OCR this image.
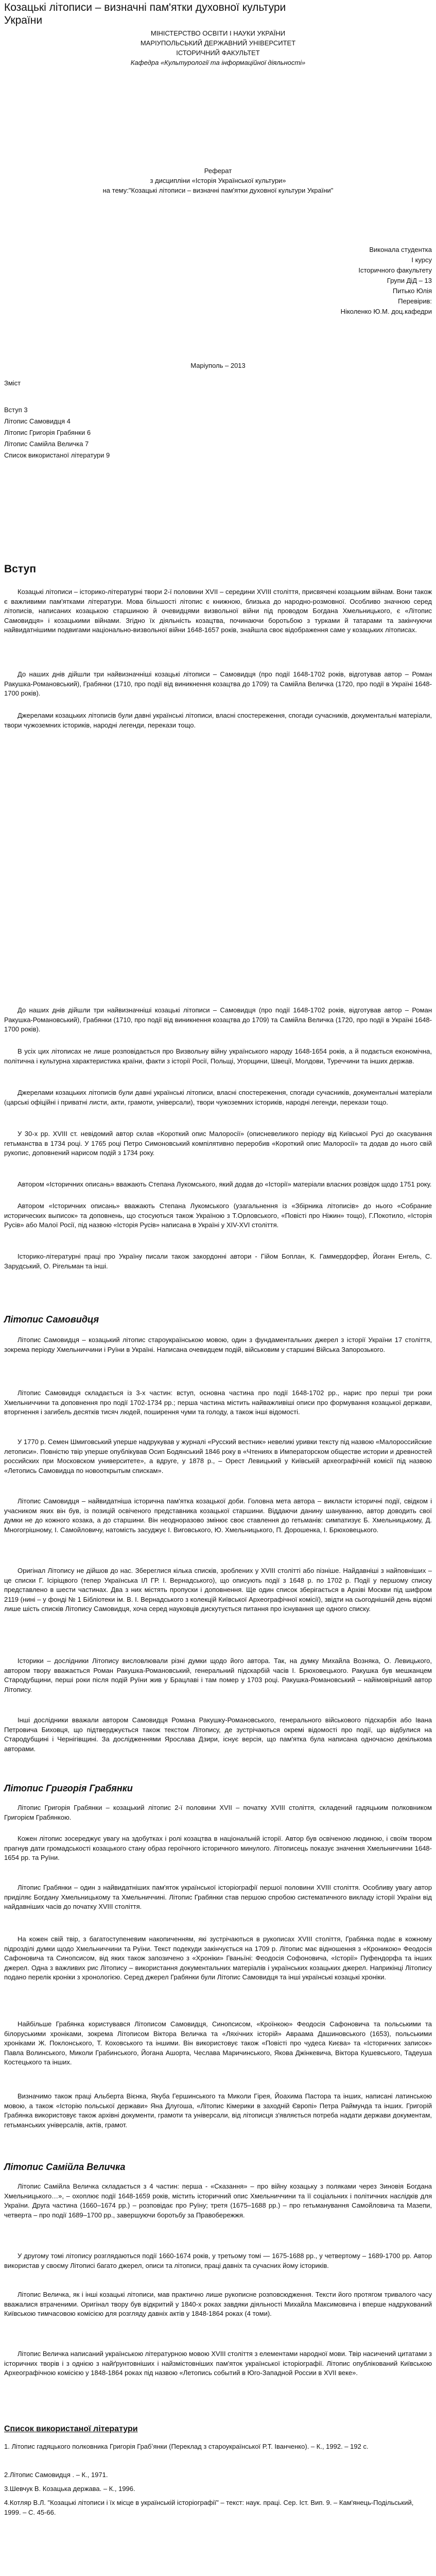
Козацькі літописи – визначні пам'ятки духовної культури України
МІНІСТЕРСТВО ОСВІТИ І НАУКИ УКРАЇНИ
МАРІУПОЛЬСЬКИЙ ДЕРЖАВНИЙ УНІВЕРСИТЕТ
ІСТОРИЧНИЙ ФАКУЛЬТЕТ
Кафедра «Культурології та інформаційної діяльності»
Реферат
з дисципліни «Історія Української культури»
на тему:"Козацькі літописи – визначні пам'ятки духовної культури України"
Виконала студентка
I курсу
Історичного факультету
Групи ДіД – 13
Питько Юлія
Перевірив:
Ніколенко Ю.М. доц.кафедри
Маріуполь – 2013
Зміст
Вступ 3
Літопис Самовидця 4
Літопис Григорія Грабянки 6
Літопис Самійла Величка 7
Список використаної літератури 9
Вступ

Козацькі літописи – історико-літературні твори 2-ї половини XVII – середини XVIII століття, присвячені козацьким війнам. Вони також є важливими пам'ятками літератури. Мова більшості літопис є книжною, близька до народно-розмовної. Особливо значною серед літописів, написаних козацькою старшиною й очевидцями визвольної війни під проводом Богдана Хмельницького, є «Літопис Самовидця» і козацькими війнами. Згідно їх діяльність козацтва, починаючи боротьбою з турками й татарами та закінчуючи найвидатнішими подвигами національно-визвольної війни 1648-1657 років, знайшла своє відображення саме у козацьких літописах.

До наших днів дійшли три найвизначніші козацькі літописи – Самовидця (про події 1648-1702 років, відготував автор – Роман Ракушка-Романовський), Грабянки (1710, про події від виникнення козацтва до 1709) та Самійла Величка (1720, про події в Україні 1648-1700 років).

Джерелами козацьких літописів були давні українські літописи, власні спостереження, спогади сучасників, документальні матеріали, твори чужоземних істориків, народні легенди, перекази тощо.

До наших днів дійшли три найвизначніші козацькі літописи – Самовидця (про події 1648-1702 років, відготував автор – Роман Ракушка-Романовський), Грабянки (1710, про події від виникнення козацтва до 1709) та Самійла Величка (1720, про події в Україні 1648-1700 років).

В усіх цих літописах не лише розповідається про Визвольну війну українського народу 1648-1654 років, а й подається економічна, політична і культурна характеристика країни, факти з історії Росії, Польщі, Угорщини, Швеції, Молдови, Туреччини та інших держав.

Джерелами козацьких літописів були давні українські літописи, власні спостереження, спогади сучасників, документальні матеріали (царські офіційні і приватні листи, акти, грамоти, універсали), твори чужоземних істориків, народні легенди, перекази тощо.

У 30-х рр. XVIII ст. невідомий автор склав «Короткий опис Малоросії» (описневеликого періоду від Київської Русі до скасування гетьманства в 1734 році. У 1765 році Петро Симоновський компілятивно переробив «Короткий опис Малоросії» та додав до нього свій рукопис, доповнений нарисом подій з 1734 року.

Автором «Історичних описань» вважають Степана Лукомського, який додав до «Історії» матеріали власних розвідок щодо 1751 року.

Автором «Історичних описань» вважають Степана Лукомського (узагальнення із «Збірника літописів» до нього «Собрание исторических выписок» та доповнень, що стосуються також Україною з Т.Орловського, «Повісті про Ніжин» тощо), Г.Покотило, «Історія Русів» або Малої Росії, під назвою «Історія Русів» написана в Україні у XIV-XVI століття.

Історико-літературні праці про Україну писали також закордонні автори - Гійом Боплан, К. Гаммердорфер, Йоганн Енгель, С. Зарудський, О. Рігельман та інші.

Літопис Самовидця

Літопис Самовидця – козацький літопис староукраїнською мовою, один з фундаментальних джерел з історії України 17 століття, зокрема періоду Хмельниччини і Руїни в Україні. Написана очевидцем подій, військовим у старшині Війська Запорозького.

Літопис Самовидця складається із 3-х частин: вступ, основна частина про події 1648-1702 рр., нарис про перші три роки Хмельниччини та доповнення про події 1702-1734 рр.; перша частина містить найважливіші описи про формування козацької держави, вторгнення і загибель десятків тисяч людей, поширення чуми та голоду, а також інші відомості.

У 1770 р. Семен Шмиговський уперше надрукував у журналі «Русский вестник» невеликі уривки тексту під назвою «Малороссийские летописи». Повністю твір уперше опублікував Осип Бодянський 1846 року в «Чтениях в Императорском обществе истории и древностей российских при Московском университете», а вдруге, у 1878 р., – Орест Левицький у Київській археографічній комісії під назвою «Летопись Самовидца по новооткрытым спискам».

Літопис Самовидця – найвидатніша історична пам'ятка козацької доби. Головна мета автора – викласти історичні події, свідком і учасником яких він був, із позицій освіченого представника козацької старшини. Віддаючи данину шануванню, автор доводить свої думки не до кожного козака, а до старшини. Він неодноразово змінює своє ставлення до гетьманів: симпатизує Б. Хмельницькому, Д. Многогрішному, І. Самойловичу, натомість засуджує І. Виговського, Ю. Хмельницького, П. Дорошенка, І. Брюховецького.

Оригінал Літопису не дійшов до нас. Збереглися кілька списків, зроблених у XVIII столітті або пізніше. Найдавніші з найповніших – це списки Г. Ісіріщвого (тепер Українська ІЛ ГР. І. Вернадського), що описують події з 1648 р. по 1702 р. Події у першому списку представлено в шести частинах. Два з них містять пропуски і доповнення. Ще один список зберігається в Архіві Москви під шифром 2119 (нині – у фонді № 1 Бібліотеки ім. В. І. Вернадського з колекцій Київської Археографічної комісії), звідти на сьогоднішній день відомі лише шість списків Літопису Самовидця, хоча серед науковців дискутується питання про існування ще одного списку.

Історики – дослідники Літопису висловлювали різні думки щодо його автора. Так, на думку Михайла Возняка, О. Левицького, автором твору вважається Роман Ракушка-Романовський, генеральний підскарбій часів І. Брюховецького. Ракушка був мешканцем Стародубщини, перші роки після подій Руїни жив у Брацлаві і там помер у 1703 році. Ракушка-Романовський – найімовірніший автор Літопису.

Інші дослідники вважали автором Самовидця Романа Ракушку-Романовського, генерального військового підскарбія або Івана Петровича Биховця, що підтверджується також текстом Літопису, де зустрічаються окремі відомості про події, що відбулися на Стародубщині і Чернігівщині. За дослідженнями Ярослава Дзири, існує версія, що пам'ятка була написана одночасно декількома авторами.

Літопис Григорія Грабянки

Літопис Григорія Грабянки – козацький літопис 2-ї половини XVII – початку XVIII століття, складений гадяцьким полковником Григорієм Грабянкою.

Кожен літопис зосереджує увагу на здобутках і ролі козацтва в національній історії. Автор був освіченою людиною, і своїм твором прагнув дати громадськості козацького стану образ героїчного історичного минулого. Літописець показує значення Хмельниччини 1648-1654 рр. та Руїни.

Літопис Грабянки – один з найвидатніших пам'яток української історіографії першої половини XVIII століття. Особливу увагу автор приділяє Богдану Хмельницькому та Хмельниччині. Літопис Грабянки став першою спробою систематичного викладу історії України від найдавніших часів до початку XVIII століття.

На кожен свій твір, з багатоступеневим накопиченням, які зустрічаються в рукописах XVIII століття, Грабянка подає в кожному підрозділі думки щодо Хмельниччини та Руїни. Текст подекуди закінчується на 1709 р. Літопис має відношення з «Кроникою» Феодосія Сафоновича та Синопсисом, від яких також запозичено з «Хроніки» Гваньїні: Феодосія Софоновича, «Історії» Пуфендорфа та інших джерел. Одна з важливих рис Літопису – використання документальних матеріалів і українських козацьких джерел. Наприкінці Літопису подано перелік кроніки з хронологією. Серед джерел Грабянки були Літопис Самовидця та інші українські козацькі хроніки.

Найбільше Грабянка користувався Літописом Самовидця, Синопсисом, «Кроїнкою» Феодосія Сафоновича та польськими та білоруськими хроніками, зокрема Літописом Віктора Величка та «Ляхічних історій» Авраама Дашиновського (1653), польськими хроніками Ж. Поклонського, Т. Коховського та іншими. Він використовує також «Повісті про чудеса Києва» та «Історичних записок» Павла Волинського, Миколи Грабинського, Йогана Ашорта, Чеслава Маричинського, Якова Джінкевича, Віктора Кушевського, Тадеуша Костецького та інших.

Визначимо також праці Альберта Вієнка, Якуба Гершинського та Миколи Гірея, Йоахима Пастора та інших, написані латинською мовою, а також «Історію польської держави» Яна Длугоша, «Літопис Кімерики в заходній Європі» Петра Раймунда та інших. Григорій Грабянка використовує також архівні документи, грамоти та універсали, від літописця з'являється потреба надати держави документам, гетьманських універсалів, актів, грамот.

Літопис Самійла Величка

Літопис Самійла Величка складається з 4 частин: перша - «Сказання» – про війну козацьку з поляками через Зиновія Богдана Хмельницького…», – охоплює події 1648-1659 років, містить історичний опис Хмельниччини та її соціальних і політичних наслідків для України. Друга частина (1660–1674 рр.) – розповідає про Руїну; третя (1675–1688 рр.) – про гетьманування Самойловича та Мазепи, четверта – про події 1689–1700 рр., завершуючи боротьбу за Правобережжя.

У другому томі літопису розглядаються події 1660-1674 років, у третьому томі — 1675-1688 рр., у четвертому – 1689-1700 рр. Автор використав у своєму Літописі багато джерел, описи та літописи, праці давніх та сучасних йому істориків.

Літопис Величка, як і інші козацькі літописи, мав практично лише рукописне розповсюдження. Тексти його протягом тривалого часу вважалися втраченими. Оригінал твору був відкритий у 1840-х роках завдяки діяльності Михайла Максимовича і вперше надрукований Київською тимчасовою комісією для розгляду давніх актів у 1848-1864 роках (4 томи).

Літопис Величка написаний українською літературною мовою XVIII століття з елементами народної мови. Твір насичений цитатами з історичних творів і з однією з найґрунтовніших і найзмістовніших пам'яток української історіографії. Літопис опублікований Київською Археографічною комісією у 1848-1864 роках під назвою «Летопись событий в Юго-Западной России в XVII веке».

Список використаної літератури

1. Літопис гадяцького полковника Григорія Грабʼянки (Переклад з староукраїнської Р.Т. Іванченко). – К., 1992. – 192 с.

2.Літопис Самовидця . – К., 1971.

3.Шевчук В. Козацька держава. – К., 1996.

4.Котляр В.Л. "Козацькі літописи і їх місце в українській історіографії" – текст: наук. праці. Сер. Іст. Вип. 9. – Кам'янець-Подільський, 1999. – С. 45-66.
